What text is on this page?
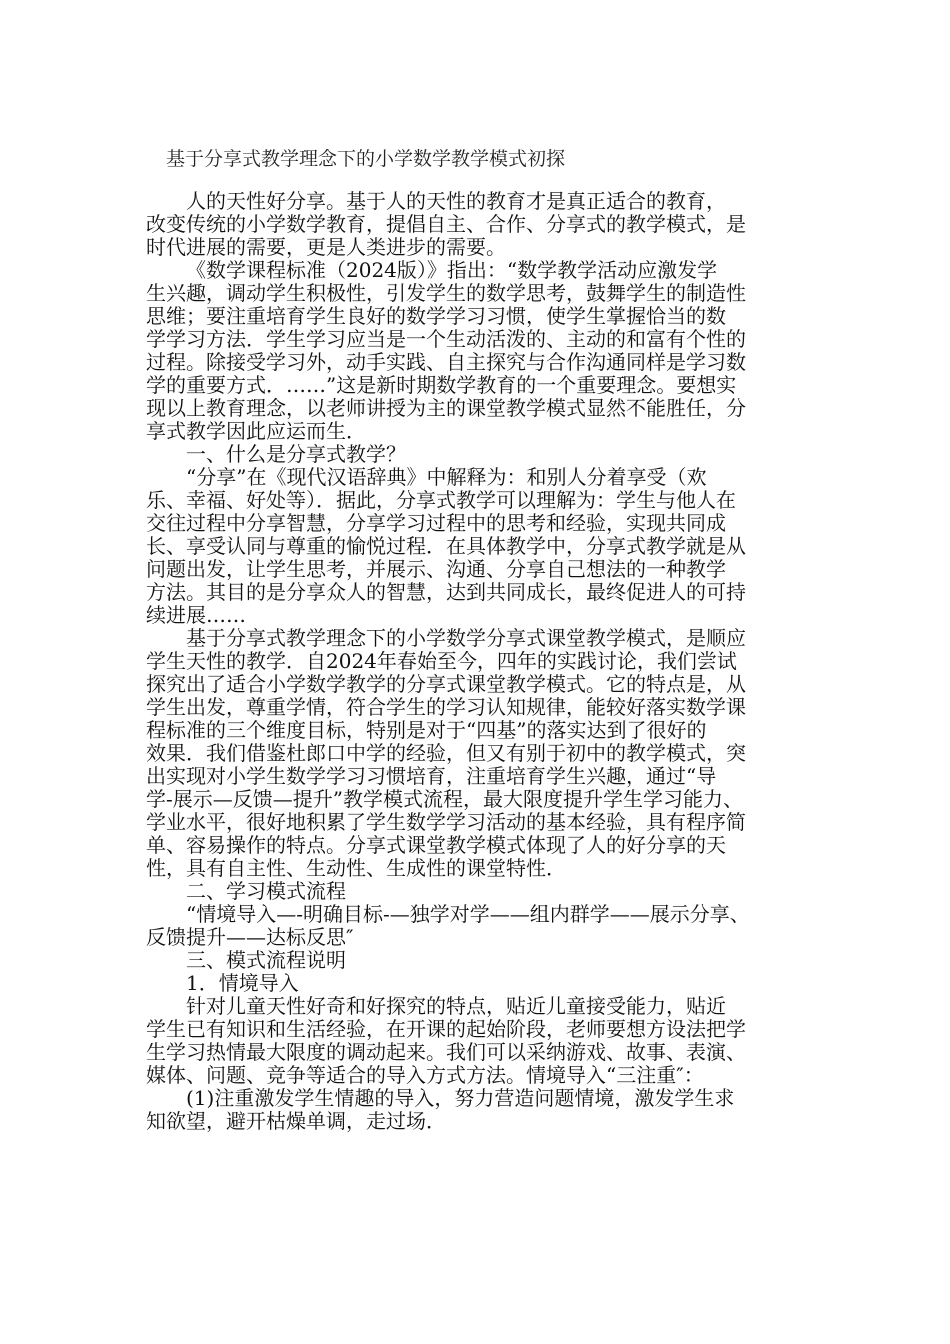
基于分享式教学理念下的小学数学教学模式初探
人的天性好分享。基于人的天性的教育才是真正适合的教育，
改变传统的小学数学教育，提倡自主、合作、分享式的教学模式，是
时代进展的需要，更是人类进步的需要。
《数学课程标准（2024版）》指出：“数学教学活动应激发学
生兴趣，调动学生积极性，引发学生的数学思考，鼓舞学生的制造性
思维；要注重培育学生良好的数学学习习惯，使学生掌握恰当的数
学学习方法．学生学习应当是一个生动活泼的、主动的和富有个性的
过程。除接受学习外，动手实践、自主探究与合作沟通同样是学习数
学的重要方式．……”这是新时期数学教育的一个重要理念。要想实
现以上教育理念，以老师讲授为主的课堂教学模式显然不能胜任，分
享式教学因此应运而生．
一、什么是分享式教学？
“分享”在《现代汉语辞典》中解释为：和别人分着享受（欢
乐、幸福、好处等）．据此，分享式教学可以理解为：学生与他人在
交往过程中分享智慧，分享学习过程中的思考和经验，实现共同成
长、享受认同与尊重的愉悦过程．在具体教学中，分享式教学就是从
问题出发，让学生思考，并展示、沟通、分享自己想法的一种教学
方法。其目的是分享众人的智慧，达到共同成长，最终促进人的可持
续进展……
基于分享式教学理念下的小学数学分享式课堂教学模式，是顺应
学生天性的教学．自2024年春始至今，四年的实践讨论，我们尝试
探究出了适合小学数学教学的分享式课堂教学模式。它的特点是，从
学生出发，尊重学情，符合学生的学习认知规律，能较好落实数学课
程标准的三个维度目标，特别是对于“四基”的落实达到了很好的
效果．我们借鉴杜郎口中学的经验，但又有别于初中的教学模式，突
出实现对小学生数学学习习惯培育，注重培育学生兴趣，通过“导
学-展示—反馈—提升”教学模式流程，最大限度提升学生学习能力、
学业水平，很好地积累了学生数学学习活动的基本经验，具有程序简
单、容易操作的特点。分享式课堂教学模式体现了人的好分享的天
性，具有自主性、生动性、生成性的课堂特性．
二、学习模式流程
“情境导入—-明确目标-—独学对学——组内群学——展示分享、
反馈提升——达标反思″
三、模式流程说明
1．情境导入
针对儿童天性好奇和好探究的特点，贴近儿童接受能力，贴近
学生已有知识和生活经验，在开课的起始阶段，老师要想方设法把学
生学习热情最大限度的调动起来。我们可以采纳游戏、故事、表演、
媒体、问题、竞争等适合的导入方式方法。情境导入“三注重″：
(1)注重激发学生情趣的导入，努力营造问题情境，激发学生求
知欲望，避开枯燥单调，走过场．
